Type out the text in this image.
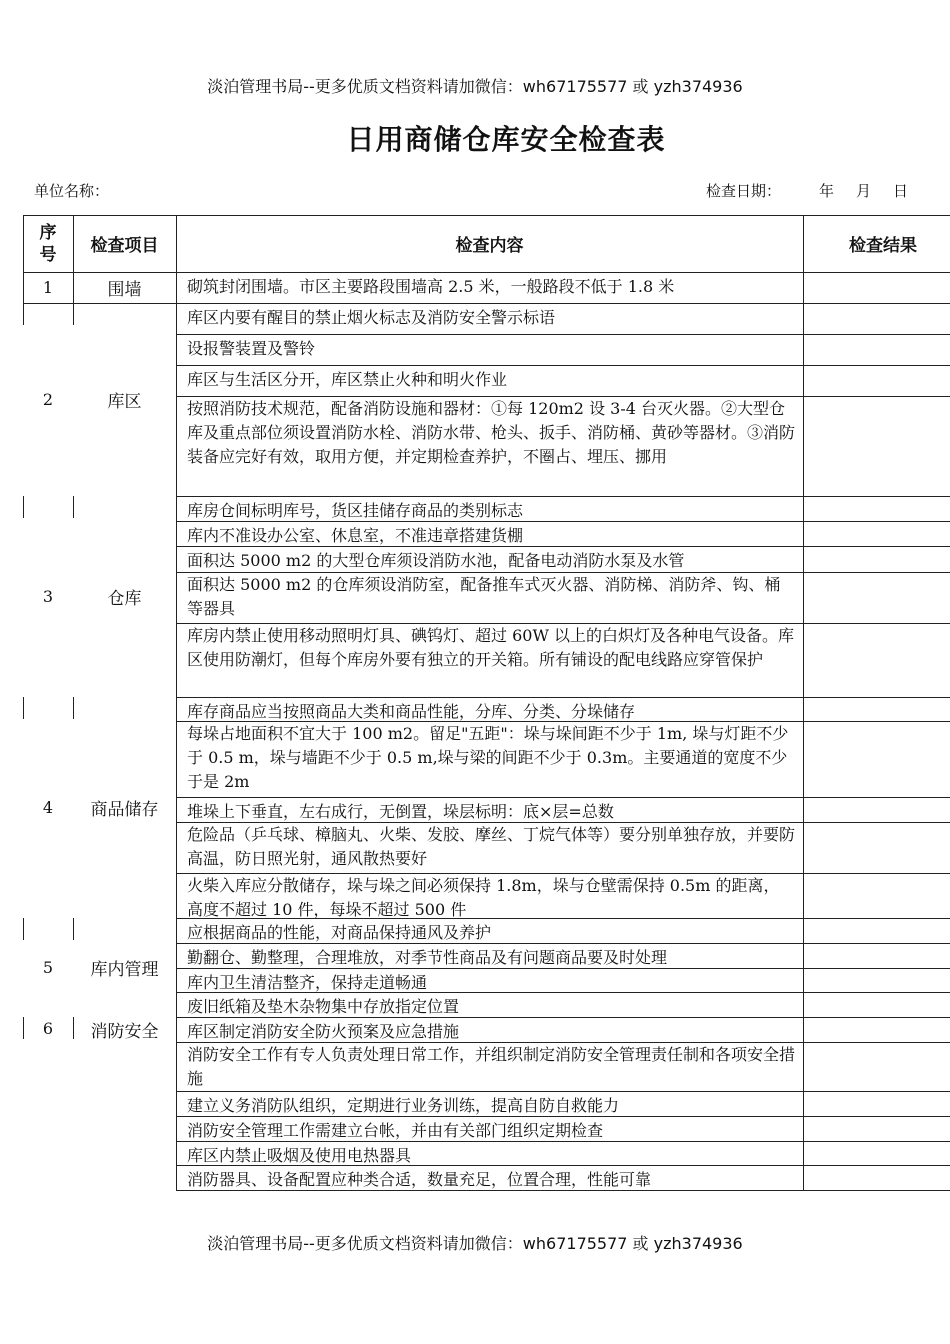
淡泊管理书局--更多优质文档资料请加微信：wh67175577 或 yzh374936
日用商储仓库安全检查表
单位名称：	检查日期：	年 月 日
序号	检查项目	检查内容	检查结果
1	围墙	砌筑封闭围墙。市区主要路段围墙高 2.5 米，一般路段不低于 1.8 米
2	库区
库区内要有醒目的禁止烟火标志及消防安全警示标语
设报警装置及警铃
库区与生活区分开，库区禁止火种和明火作业
按照消防技术规范，配备消防设施和器材：①每 120m2 设 3-4 台灭火器。②大型仓库及重点部位须设置消防水栓、消防水带、枪头、扳手、消防桶、黄砂等器材。③消防装备应完好有效，取用方便，并定期检查养护，不圈占、埋压、挪用
3	仓库
库房仓间标明库号，货区挂储存商品的类别标志
库内不准设办公室、休息室，不准违章搭建货棚
面积达 5000 m2 的大型仓库须设消防水池，配备电动消防水泵及水管
面积达 5000 m2 的仓库须设消防室，配备推车式灭火器、消防梯、消防斧、钩、桶等器具
库房内禁止使用移动照明灯具、碘钨灯、超过 60W 以上的白炽灯及各种电气设备。库区使用防潮灯，但每个库房外要有独立的开关箱。所有铺设的配电线路应穿管保护
4	商品储存
库存商品应当按照商品大类和商品性能，分库、分类、分垛储存
每垛占地面积不宜大于 100 m2。留足"五距"：垛与垛间距不少于 1m, 垛与灯距不少于 0.5 m，垛与墙距不少于 0.5 m,垛与梁的间距不少于 0.3m。主要通道的宽度不少于是 2m
堆垛上下垂直，左右成行，无倒置，垛层标明：底×层=总数
危险品（乒乓球、樟脑丸、火柴、发胶、摩丝、丁烷气体等）要分别单独存放，并要防高温，防日照光射，通风散热要好
火柴入库应分散储存，垛与垛之间必须保持 1.8m，垛与仓壁需保持 0.5m 的距离，高度不超过 10 件，每垛不超过 500 件
5	库内管理
应根据商品的性能，对商品保持通风及养护
勤翻仓、勤整理，合理堆放，对季节性商品及有问题商品要及时处理
库内卫生清洁整齐，保持走道畅通
废旧纸箱及垫木杂物集中存放指定位置
6	消防安全	库区制定消防安全防火预案及应急措施
消防安全工作有专人负责处理日常工作，并组织制定消防安全管理责任制和各项安全措施
建立义务消防队组织，定期进行业务训练，提高自防自救能力
消防安全管理工作需建立台帐，并由有关部门组织定期检查
库区内禁止吸烟及使用电热器具
消防器具、设备配置应种类合适，数量充足，位置合理，性能可靠
淡泊管理书局--更多优质文档资料请加微信：wh67175577 或 yzh374936
